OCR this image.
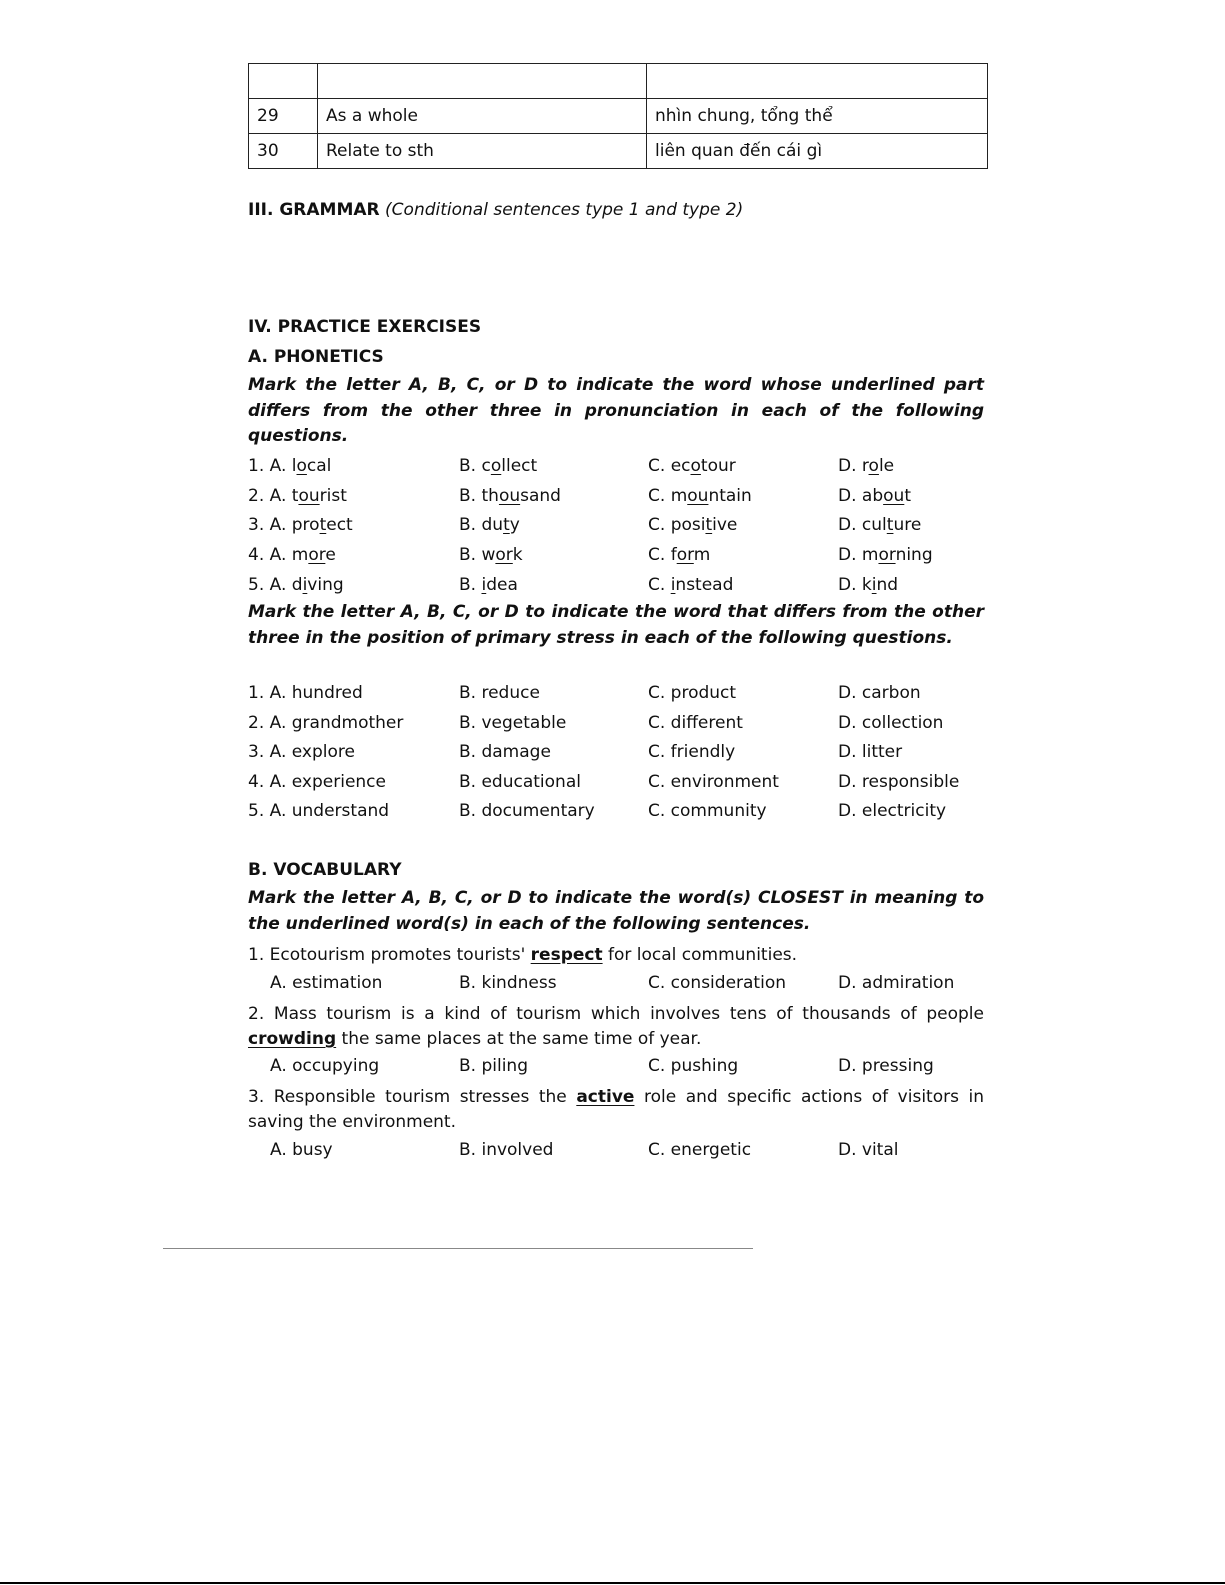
29	As a whole	nhìn chung, tổng thể
30	Relate to sth	liên quan đến cái gì
III. GRAMMAR (Conditional sentences type 1 and type 2)
IV. PRACTICE EXERCISES
A. PHONETICS
Mark the letter A, B, C, or D to indicate the word whose underlined part differs from the other three in pronunciation in each of the following questions.
1. A. local	B. collect	C. ecotour	D. role
2. A. tourist	B. thousand	C. mountain	D. about
3. A. protect	B. duty	C. positive	D. culture
4. A. more	B. work	C. form	D. morning
5. A. diving	B. idea	C. instead	D. kind
Mark the letter A, B, C, or D to indicate the word that differs from the other three in the position of primary stress in each of the following questions.
1. A. hundred	B. reduce	C. product	D. carbon
2. A. grandmother	B. vegetable	C. different	D. collection
3. A. explore	B. damage	C. friendly	D. litter
4. A. experience	B. educational	C. environment	D. responsible
5. A. understand	B. documentary	C. community	D. electricity
B. VOCABULARY
Mark the letter A, B, C, or D to indicate the word(s) CLOSEST in meaning to the underlined word(s) in each of the following sentences.
1. Ecotourism promotes tourists' respect for local communities.
A. estimation	B. kindness	C. consideration	D. admiration
2. Mass tourism is a kind of tourism which involves tens of thousands of people crowding the same places at the same time of year.
A. occupying	B. piling	C. pushing	D. pressing
3. Responsible tourism stresses the active role and specific actions of visitors in saving the environment.
A. busy	B. involved	C. energetic	D. vital
